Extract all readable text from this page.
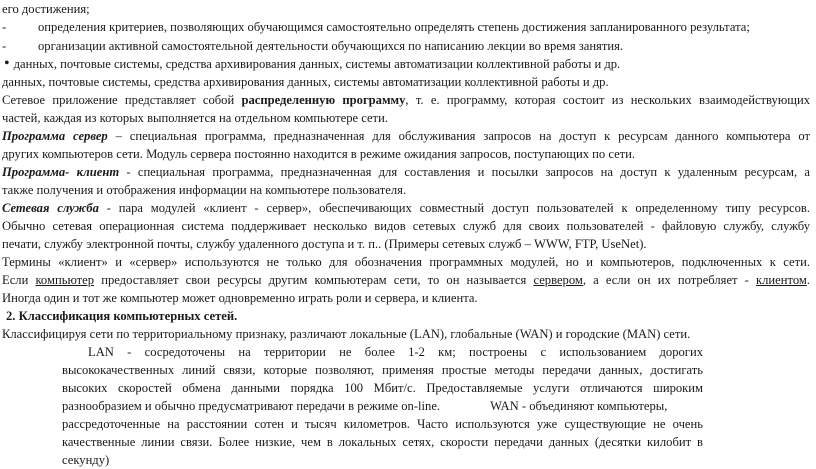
его достижения;
-	определения критериев, позволяющих обучающимся самостоятельно определять степень достижения запланированного результата;
-	организации активной самостоятельной деятельности обучающихся по написанию лекции во время занятия.
• данных, почтовые системы, средства архивирования данных, системы автоматизации коллективной работы и др.
данных, почтовые системы, средства архивирования данных, системы автоматизации коллективной работы и др.
Сетевое приложение представляет собой распределенную программу, т. е. программу, которая состоит из нескольких взаимодействующих
частей, каждая из которых выполняется на отдельном компьютере сети.
Программа сервер – специальная программа, предназначенная для обслуживания запросов на доступ к ресурсам данного компьютера от
других компьютеров сети. Модуль сервера постоянно находится в режиме ожидания запросов, поступающих по сети.
Программа- клиент - специальная программа, предназначенная для составления и посылки запросов на доступ к удаленным ресурсам, а
также получения и отображения информации на компьютере пользователя.
Сетевая служба - пара модулей «клиент - сервер», обеспечивающих совместный доступ пользователей к определенному типу ресурсов.
Обычно сетевая операционная система поддерживает несколько видов сетевых служб для своих пользователей - файловую службу, службу
печати, службу электронной почты, службу удаленного доступа и т. п.. (Примеры сетевых служб – WWW, FTP, UseNet).
Термины «клиент» и «сервер» используются не только для обозначения программных модулей, но и компьютеров, подключенных к сети.
Если компьютер предоставляет свои ресурсы другим компьютерам сети, то он называется сервером, а если он их потребляет - клиентом.
Иногда один и тот же компьютер может одновременно играть роли и сервера, и клиента.
2. Классификация компьютерных сетей.
Классифицируя сети по территориальному признаку, различают локальные (LAN), глобальные (WAN) и городские (MAN) сети.
LAN - сосредоточены на территории не более 1-2 км; построены с использованием дорогих
высококачественных линий связи, которые позволяют, применяя простые методы передачи данных, достигать
высоких скоростей обмена данными порядка 100 Мбит/с. Предоставляемые услуги отличаются широким
разнообразием и обычно предусматривают передачи в режиме on-line.	WAN - объединяют компьютеры,
рассредоточенные на расстоянии сотен и тысяч километров. Часто используются уже существующие не очень
качественные линии связи. Более низкие, чем в локальных сетях, скорости передачи данных (десятки килобит в
секунду)
